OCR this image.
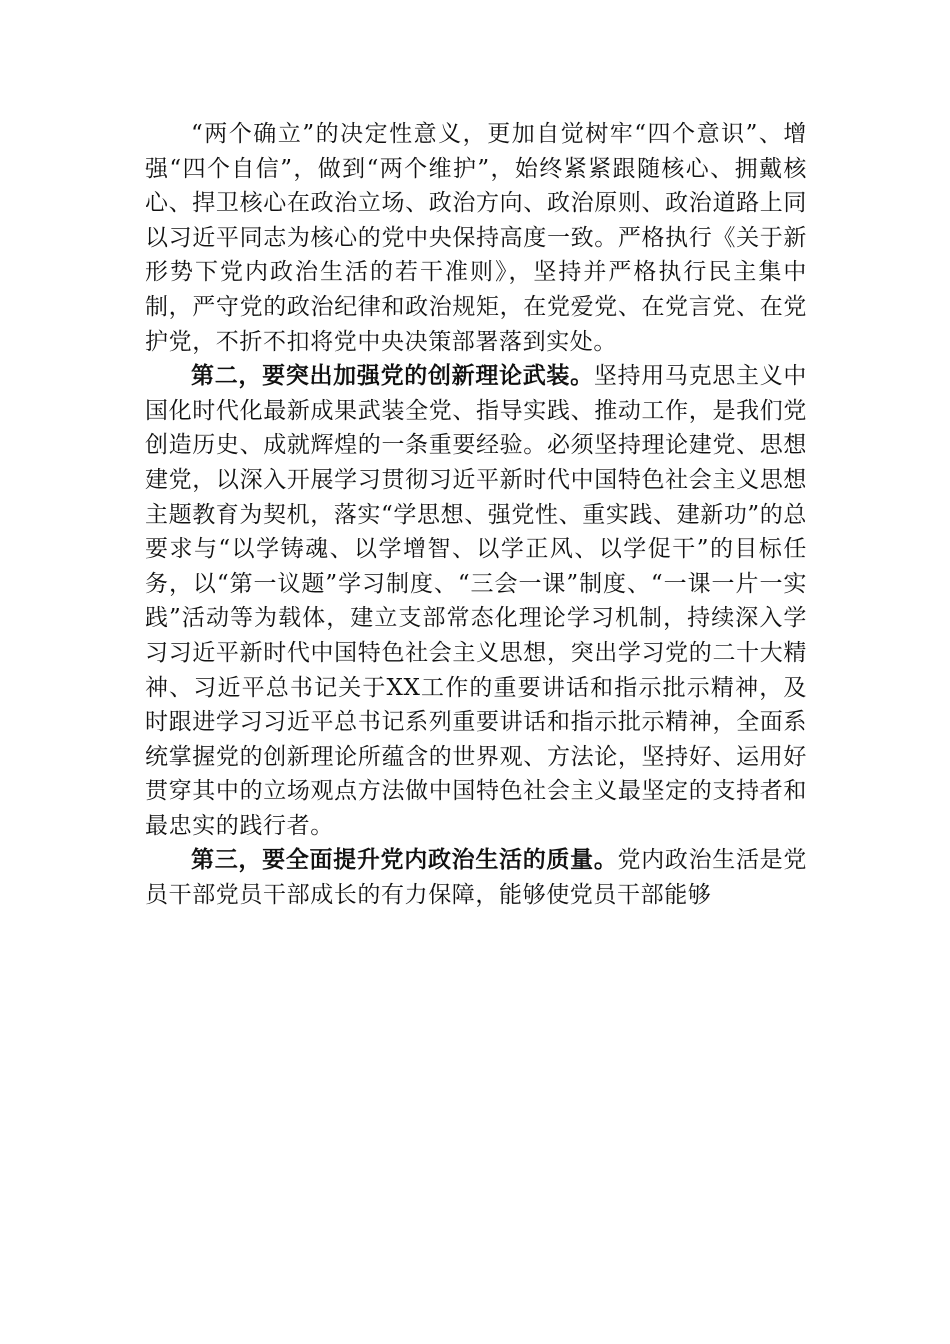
“两个确立”的决定性意义，更加自觉树牢“四个意识”、增强“四个自信”，做到“两个维护”，始终紧紧跟随核心、拥戴核心、捍卫核心在政治立场、政治方向、政治原则、政治道路上同以习近平同志为核心的党中央保持高度一致。严格执行《关于新形势下党内政治生活的若干准则》，坚持并严格执行民主集中制，严守党的政治纪律和政治规矩，在党爱党、在党言党、在党护党，不折不扣将党中央决策部署落到实处。

第二，要突出加强党的创新理论武装。坚持用马克思主义中国化时代化最新成果武装全党、指导实践、推动工作，是我们党创造历史、成就辉煌的一条重要经验。必须坚持理论建党、思想建党，以深入开展学习贯彻习近平新时代中国特色社会主义思想主题教育为契机，落实“学思想、强党性、重实践、建新功”的总要求与“以学铸魂、以学增智、以学正风、以学促干”的目标任务，以“第一议题”学习制度、“三会一课”制度、“一课一片一实践”活动等为载体，建立支部常态化理论学习机制，持续深入学习习近平新时代中国特色社会主义思想，突出学习党的二十大精神、习近平总书记关于XX工作的重要讲话和指示批示精神，及时跟进学习习近平总书记系列重要讲话和指示批示精神，全面系统掌握党的创新理论所蕴含的世界观、方法论，坚持好、运用好贯穿其中的立场观点方法做中国特色社会主义最坚定的支持者和最忠实的践行者。

第三，要全面提升党内政治生活的质量。党内政治生活是党员干部党员干部成长的有力保障，能够使党员干部能够
